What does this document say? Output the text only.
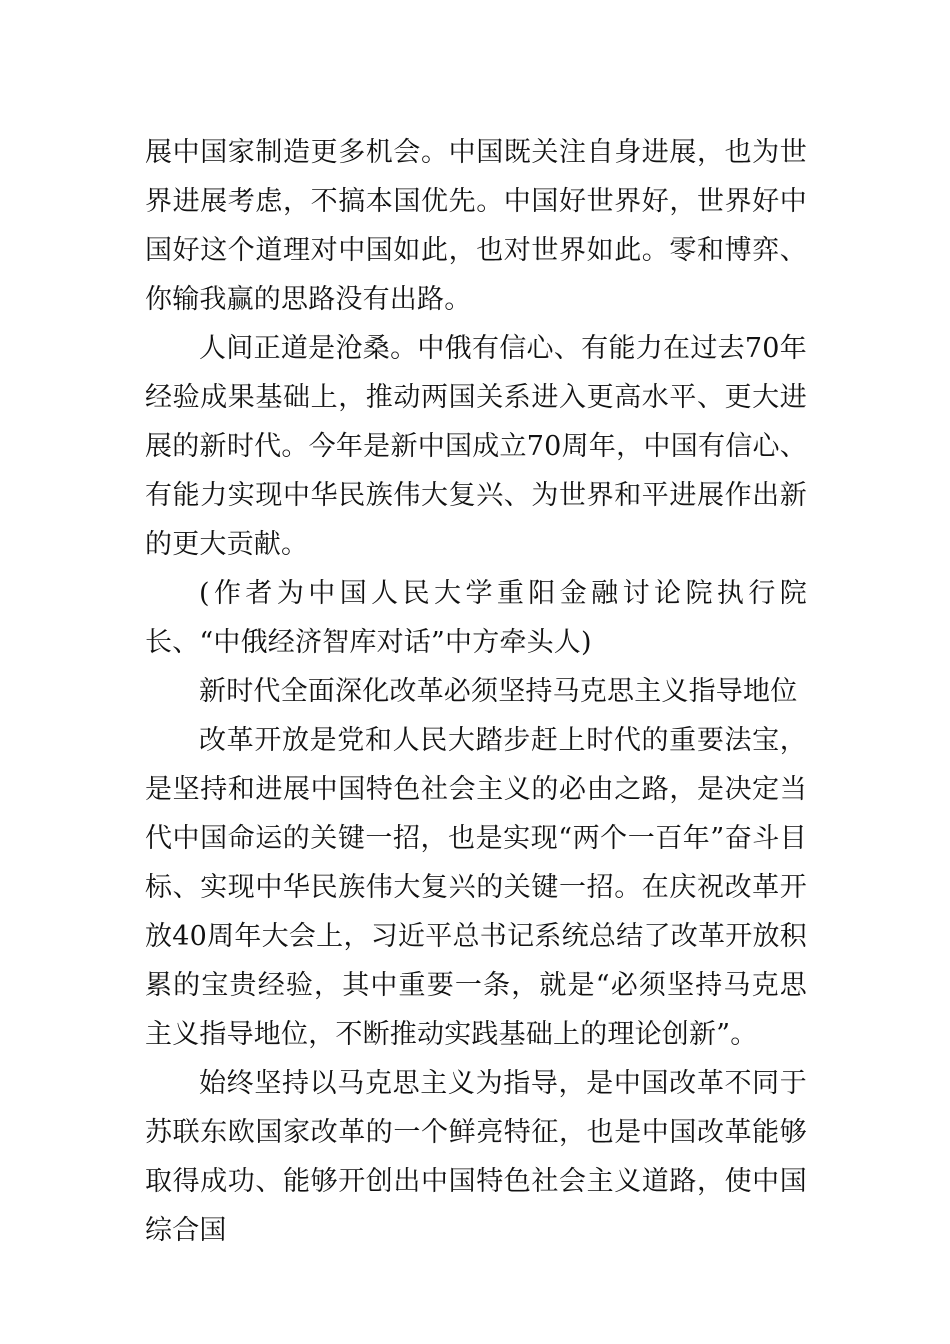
展中国家制造更多机会。中国既关注自身进展，也为世界进展考虑，不搞本国优先。中国好世界好，世界好中国好这个道理对中国如此，也对世界如此。零和博弈、你输我赢的思路没有出路。

人间正道是沧桑。中俄有信心、有能力在过去70年经验成果基础上，推动两国关系进入更高水平、更大进展的新时代。今年是新中国成立70周年，中国有信心、有能力实现中华民族伟大复兴、为世界和平进展作出新的更大贡献。

(作者为中国人民大学重阳金融讨论院执行院长、“中俄经济智库对话”中方牵头人)

新时代全面深化改革必须坚持马克思主义指导地位

改革开放是党和人民大踏步赶上时代的重要法宝，是坚持和进展中国特色社会主义的必由之路，是决定当代中国命运的关键一招，也是实现“两个一百年”奋斗目标、实现中华民族伟大复兴的关键一招。在庆祝改革开放40周年大会上，习近平总书记系统总结了改革开放积累的宝贵经验，其中重要一条，就是“必须坚持马克思主义指导地位，不断推动实践基础上的理论创新”。

始终坚持以马克思主义为指导，是中国改革不同于苏联东欧国家改革的一个鲜亮特征，也是中国改革能够取得成功、能够开创出中国特色社会主义道路，使中国综合国
